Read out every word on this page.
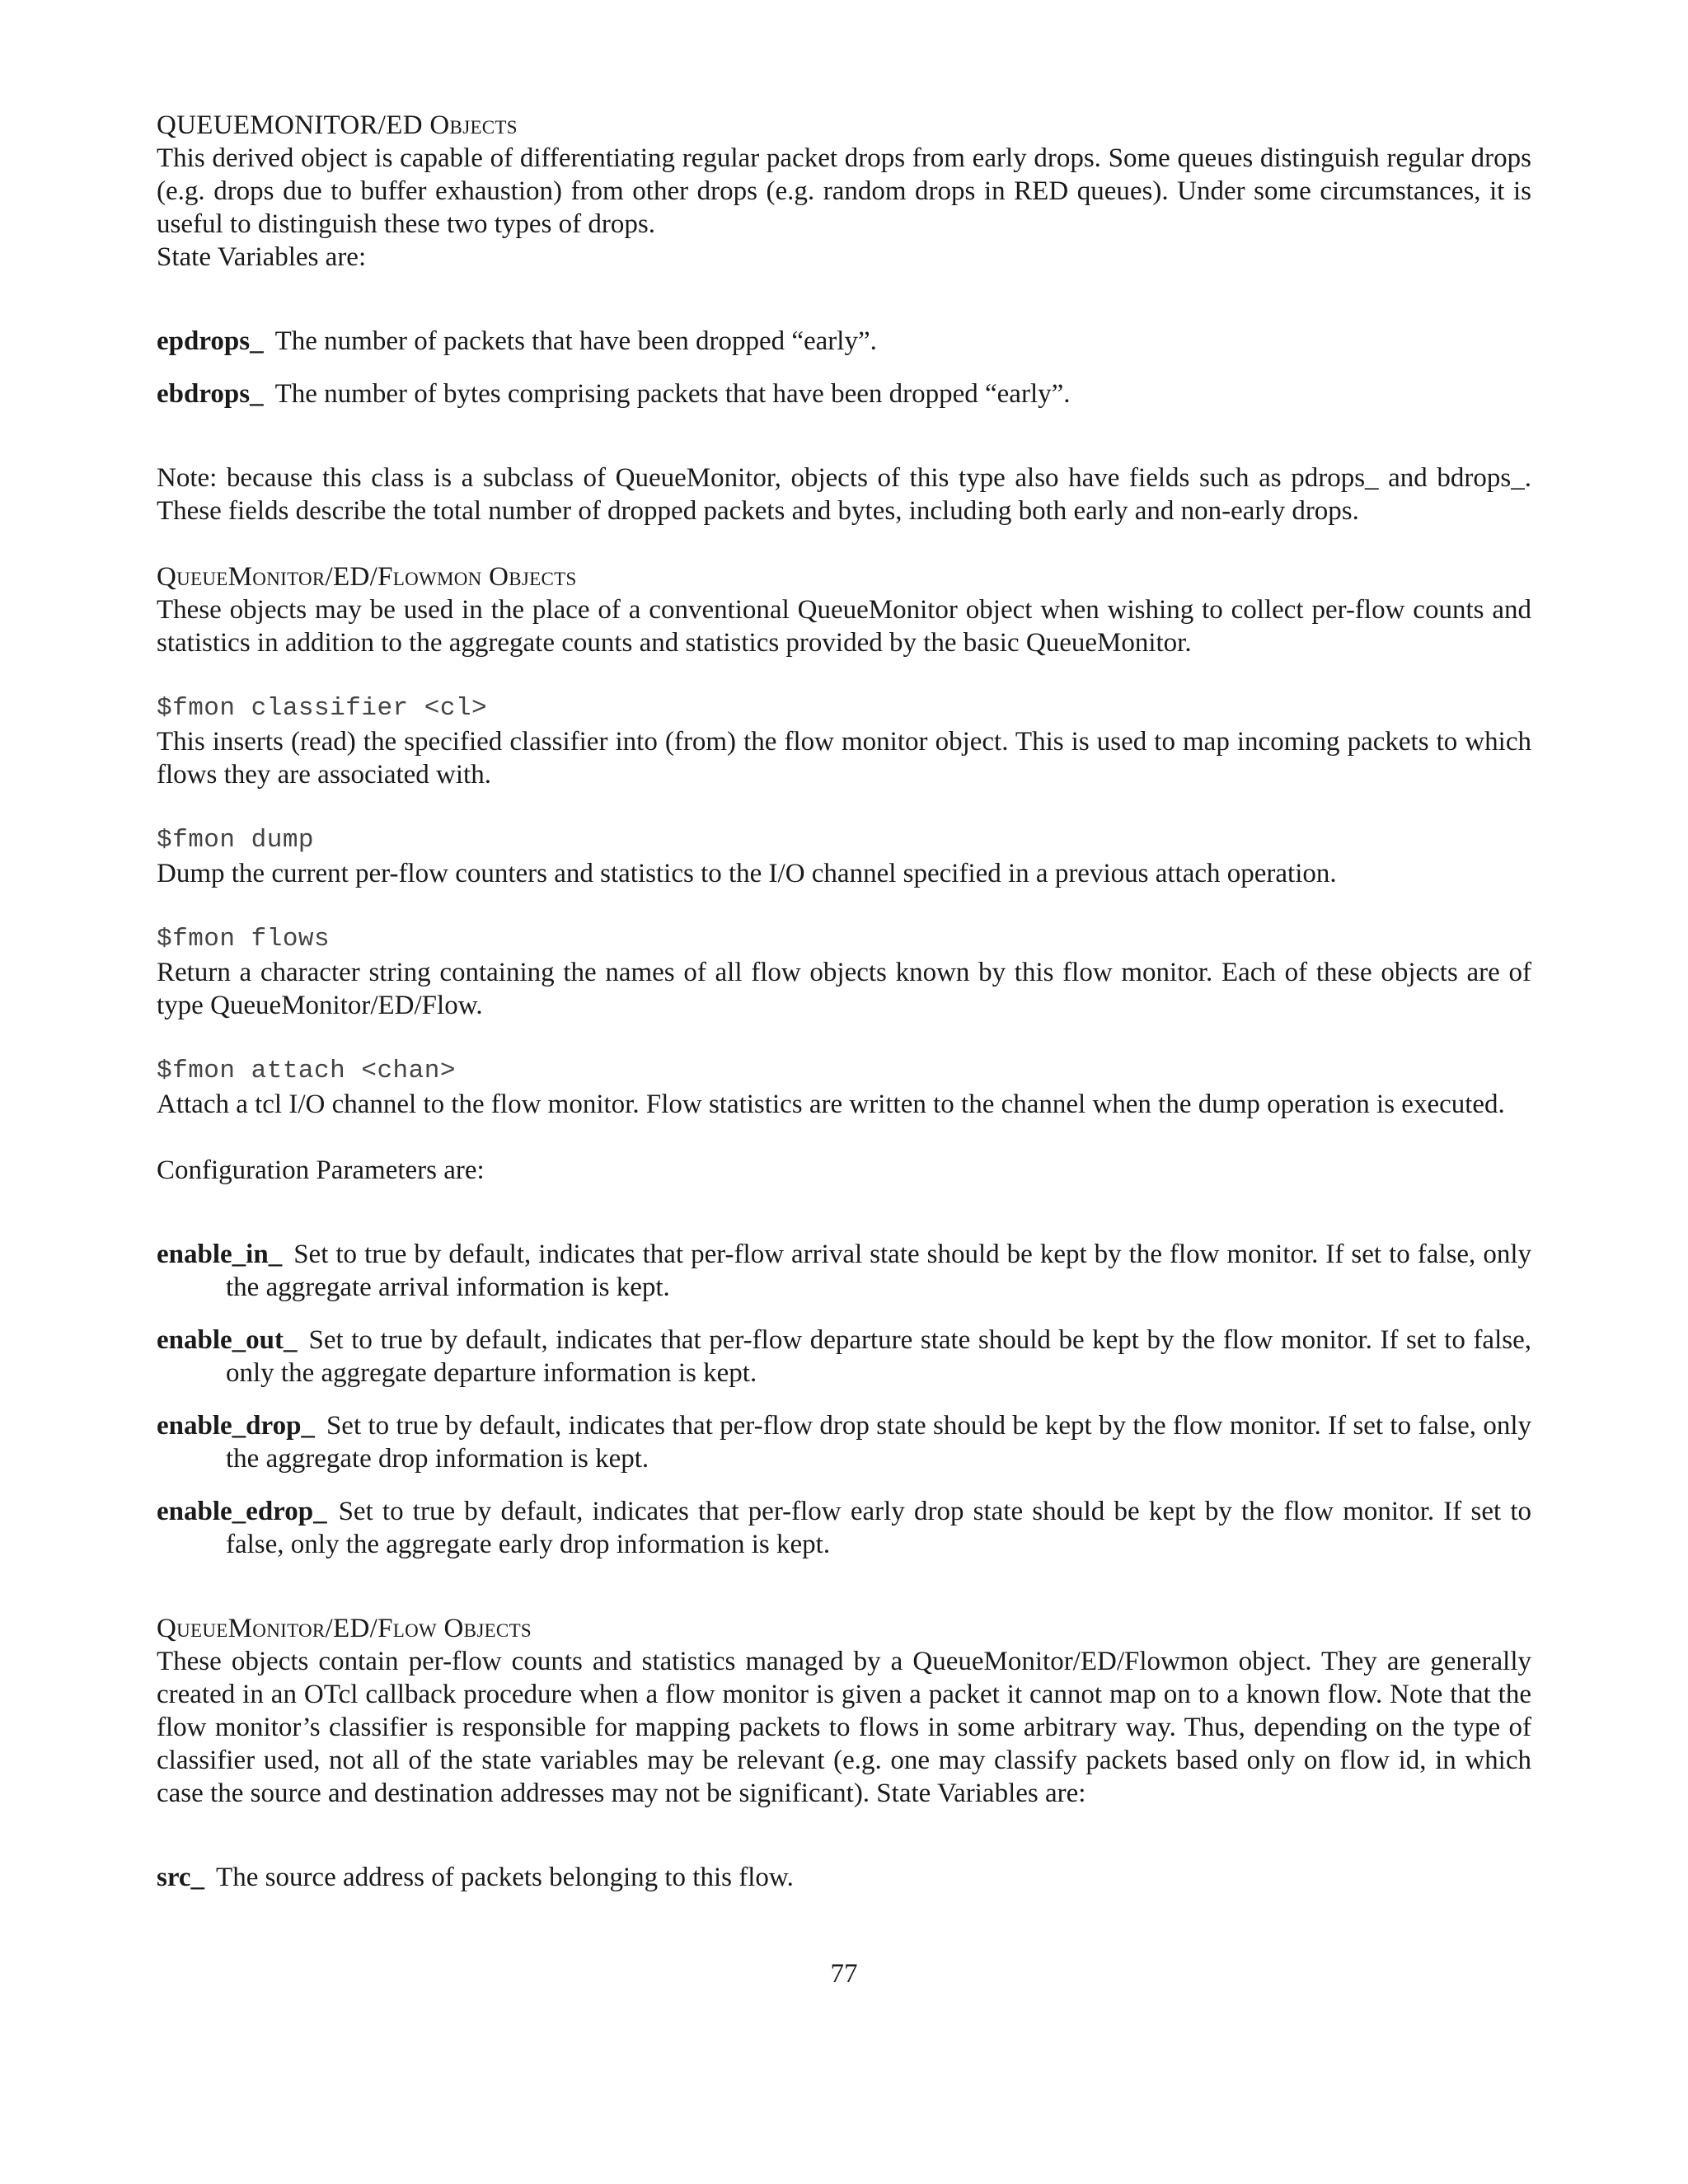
QUEUEMONITOR/ED Objects

This derived object is capable of differentiating regular packet drops from early drops. Some queues distinguish regular drops (e.g. drops due to buffer exhaustion) from other drops (e.g. random drops in RED queues). Under some circumstances, it is useful to distinguish these two types of drops.

State Variables are:

epdrops_ The number of packets that have been dropped “early”.

ebdrops_ The number of bytes comprising packets that have been dropped “early”.

Note: because this class is a subclass of QueueMonitor, objects of this type also have fields such as pdrops_ and bdrops_. These fields describe the total number of dropped packets and bytes, including both early and non-early drops.

QueueMonitor/ED/Flowmon Objects

These objects may be used in the place of a conventional QueueMonitor object when wishing to collect per-flow counts and statistics in addition to the aggregate counts and statistics provided by the basic QueueMonitor.

$fmon classifier <cl>

This inserts (read) the specified classifier into (from) the flow monitor object. This is used to map incoming packets to which flows they are associated with.

$fmon dump

Dump the current per-flow counters and statistics to the I/O channel specified in a previous attach operation.

$fmon flows

Return a character string containing the names of all flow objects known by this flow monitor. Each of these objects are of type QueueMonitor/ED/Flow.

$fmon attach <chan>

Attach a tcl I/O channel to the flow monitor. Flow statistics are written to the channel when the dump operation is executed.

Configuration Parameters are:

enable_in_ Set to true by default, indicates that per-flow arrival state should be kept by the flow monitor. If set to false, only the aggregate arrival information is kept.

enable_out_ Set to true by default, indicates that per-flow departure state should be kept by the flow monitor. If set to false, only the aggregate departure information is kept.

enable_drop_ Set to true by default, indicates that per-flow drop state should be kept by the flow monitor. If set to false, only the aggregate drop information is kept.

enable_edrop_ Set to true by default, indicates that per-flow early drop state should be kept by the flow monitor. If set to false, only the aggregate early drop information is kept.

QueueMonitor/ED/Flow Objects

These objects contain per-flow counts and statistics managed by a QueueMonitor/ED/Flowmon object. They are generally created in an OTcl callback procedure when a flow monitor is given a packet it cannot map on to a known flow. Note that the flow monitor’s classifier is responsible for mapping packets to flows in some arbitrary way. Thus, depending on the type of classifier used, not all of the state variables may be relevant (e.g. one may classify packets based only on flow id, in which case the source and destination addresses may not be significant). State Variables are:

src_ The source address of packets belonging to this flow.

77
